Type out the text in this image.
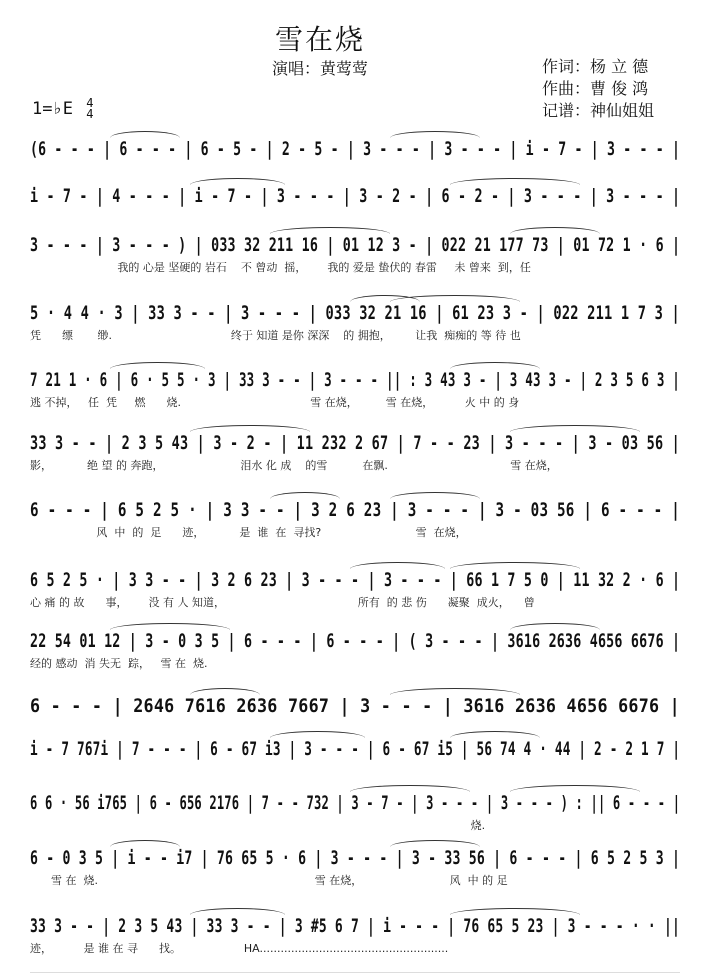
雪在烧
演唱：黄莺莺	作词：杨 立 德
作曲：曹 俊 鸿
记谱：神仙姐姐
1=♭E 4
4
(6 - - - | 6 - - - | 6 - 5 - | 2 - 5 - | 3 - - - | 3 - - - | i - 7 - | 3 - - - |
i - 7 - | 4 - - - | i - 7 - | 3 - - - | 3 - 2 - | 6 - 2 - | 3 - - - | 3 - - - |
3 - - - | 3 - - - ) | 033 32 211 16 | 01 12 3 - | 022 21 177 73 | 01 72 1 · 6 |
我的 心是 坚硬的 岩石    不 曾动  摇，      我的 爱是 蛰伏的 春雷     未 曾来  到，任
5 · 4 4 · 3 | 33 3 - - | 3 - - - | 033 32 21 16 | 61 23 3 - | 022 211 1 7 3 |
凭      缥       缈.                                  终于 知道 是你 深深    的 拥抱，       让我  痴痴的 等 待 也
7 21 1 · 6 | 6 · 5 5 · 3 | 33 3 - - | 3 - - - || : 3 43 3 - | 3 43 3 - | 2 3 5 6 3 |
逃 不掉，   任  凭     燃      烧.                                     雪 在烧，        雪 在烧，         火 中 的 身
33 3 - - | 2 3 5 43 | 3 - 2 - | 11 232 2 67 | 7 - - 23 | 3 - - - | 3 - 03 56 |
影，          绝 望 的 奔跑，                      泪水 化 成    的雪          在飘.                                   雪 在烧，
6 - - - | 6 5 2 5 · | 3 3 - - | 3 2 6 23 | 3 - - - | 3 - 03 56 | 6 - - - |
风  中  的  足      迹，          是  谁  在  寻找?                           雪  在烧，
6 5 2 5 · | 3 3 - - | 3 2 6 23 | 3 - - - | 3 - - - | 66 1 7 5 0 | 11 32 2 · 6 |
心 痛 的 故      事，      没 有 人 知道，                                      所有  的 悲 伤      凝聚  成火，    曾
22 54 01 12 | 3 - 0 3 5 | 6 - - - | 6 - - - | ( 3 - - - | 3616 2636 4656 6676 |
经的 感动  消 失无  踪，   雪 在  烧.
6 - - - | 2646 7616 2636 7667 | 3 - - - | 3616 2636 4656 6676 |
i - 7 767i | 7 - - - | 6 - 67 i3 | 3 - - - | 6 - 67 i5 | 56 74 4 · 44 | 2 - 2 1 7 |
6 6 · 56 i765 | 6 - 656 2176 | 7 - - 732 | 3 - 7 - | 3 - - - | 3 - - - ) : || 6 - - - |
烧.
6 - 0 3 5 | i - - i7 | 76 65 5 · 6 | 3 - - - | 3 - 33 56 | 6 - - - | 6 5 2 5 3 |
雪 在  烧.                                                              雪 在烧，                         风  中 的 足
33 3 - - | 2 3 5 43 | 33 3 - - | 3 #5 6 7 | i - - - | 76 65 5 23 | 3 - - - · · ||
迹，         是 谁 在 寻      找。                  HA......................................................
